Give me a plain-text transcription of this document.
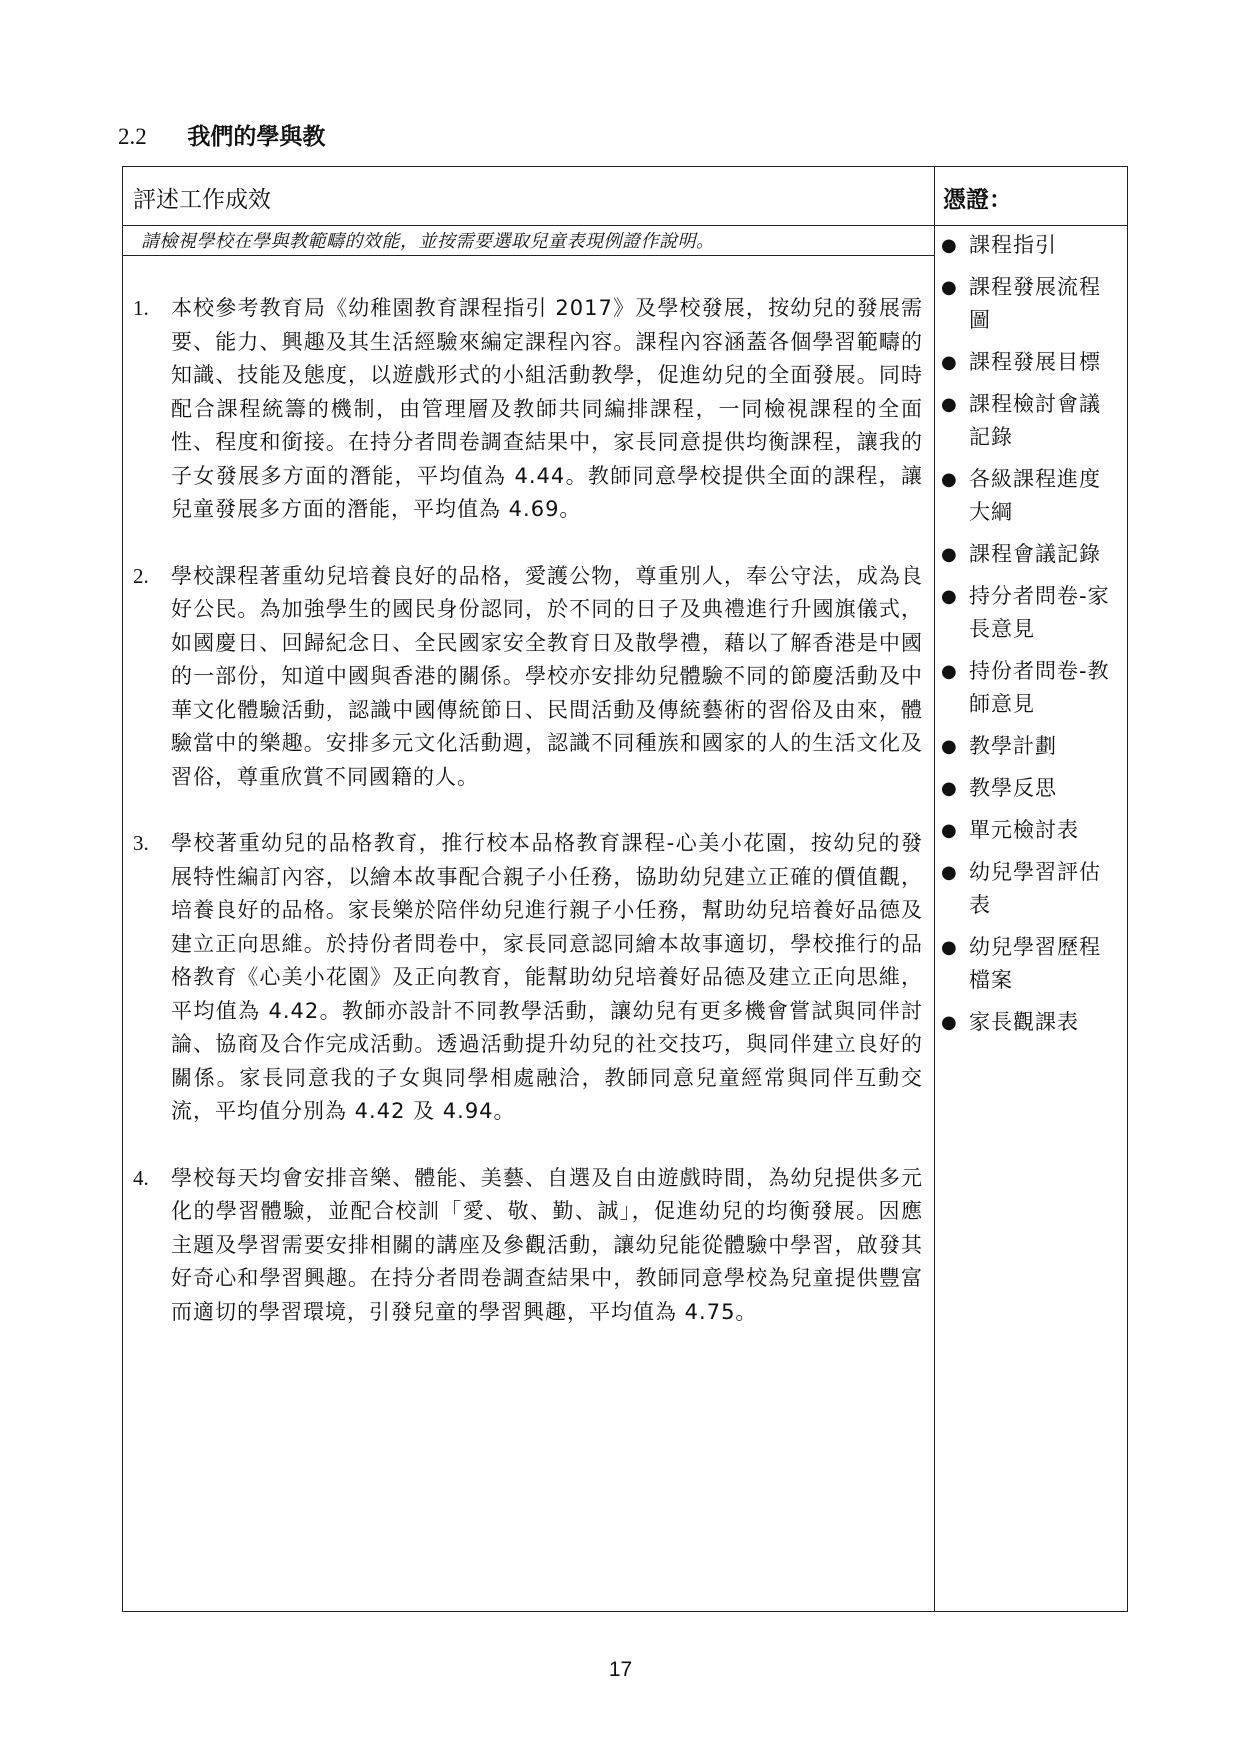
2.2 我們的學與教
評述工作成效	憑證：
請檢視學校在學與教範疇的效能，並按需要選取兒童表現例證作說明。
1.	本校參考教育局《幼稚園教育課程指引 2017》及學校發展，按幼兒的發展需要、能力、興趣及其生活經驗來編定課程內容。課程內容涵蓋各個學習範疇的知識、技能及態度，以遊戲形式的小組活動教學，促進幼兒的全面發展。同時配合課程統籌的機制，由管理層及教師共同編排課程，一同檢視課程的全面性、程度和銜接。在持分者問卷調查結果中，家長同意提供均衡課程，讓我的子女發展多方面的潛能，平均值為 4.44。教師同意學校提供全面的課程，讓兒童發展多方面的潛能，平均值為 4.69。
2.	學校課程著重幼兒培養良好的品格，愛護公物，尊重別人，奉公守法，成為良好公民。為加強學生的國民身份認同，於不同的日子及典禮進行升國旗儀式，如國慶日、回歸紀念日、全民國家安全教育日及散學禮，藉以了解香港是中國的一部份，知道中國與香港的關係。學校亦安排幼兒體驗不同的節慶活動及中華文化體驗活動，認識中國傳統節日、民間活動及傳統藝術的習俗及由來，體驗當中的樂趣。安排多元文化活動週，認識不同種族和國家的人的生活文化及習俗，尊重欣賞不同國籍的人。
3.	學校著重幼兒的品格教育，推行校本品格教育課程-心美小花園，按幼兒的發展特性編訂內容，以繪本故事配合親子小任務，協助幼兒建立正確的價值觀，培養良好的品格。家長樂於陪伴幼兒進行親子小任務，幫助幼兒培養好品德及建立正向思維。於持份者問卷中，家長同意認同繪本故事適切，學校推行的品格教育《心美小花園》及正向教育，能幫助幼兒培養好品德及建立正向思維，平均值為 4.42。教師亦設計不同教學活動，讓幼兒有更多機會嘗試與同伴討論、協商及合作完成活動。透過活動提升幼兒的社交技巧，與同伴建立良好的關係。家長同意我的子女與同學相處融洽，教師同意兒童經常與同伴互動交流，平均值分別為 4.42 及 4.94。
4.	學校每天均會安排音樂、體能、美藝、自選及自由遊戲時間，為幼兒提供多元化的學習體驗，並配合校訓「愛、敬、勤、誠」，促進幼兒的均衡發展。因應主題及學習需要安排相關的講座及參觀活動，讓幼兒能從體驗中學習，啟發其好奇心和學習興趣。在持分者問卷調查結果中，教師同意學校為兒童提供豐富而適切的學習環境，引發兒童的學習興趣，平均值為 4.75。
● 課程指引
● 課程發展流程圖
● 課程發展目標
● 課程檢討會議記錄
● 各級課程進度大綱
● 課程會議記錄
● 持分者問卷-家長意見
● 持份者問卷-教師意見
● 教學計劃
● 教學反思
● 單元檢討表
● 幼兒學習評估表
● 幼兒學習歷程檔案
● 家長觀課表
17
